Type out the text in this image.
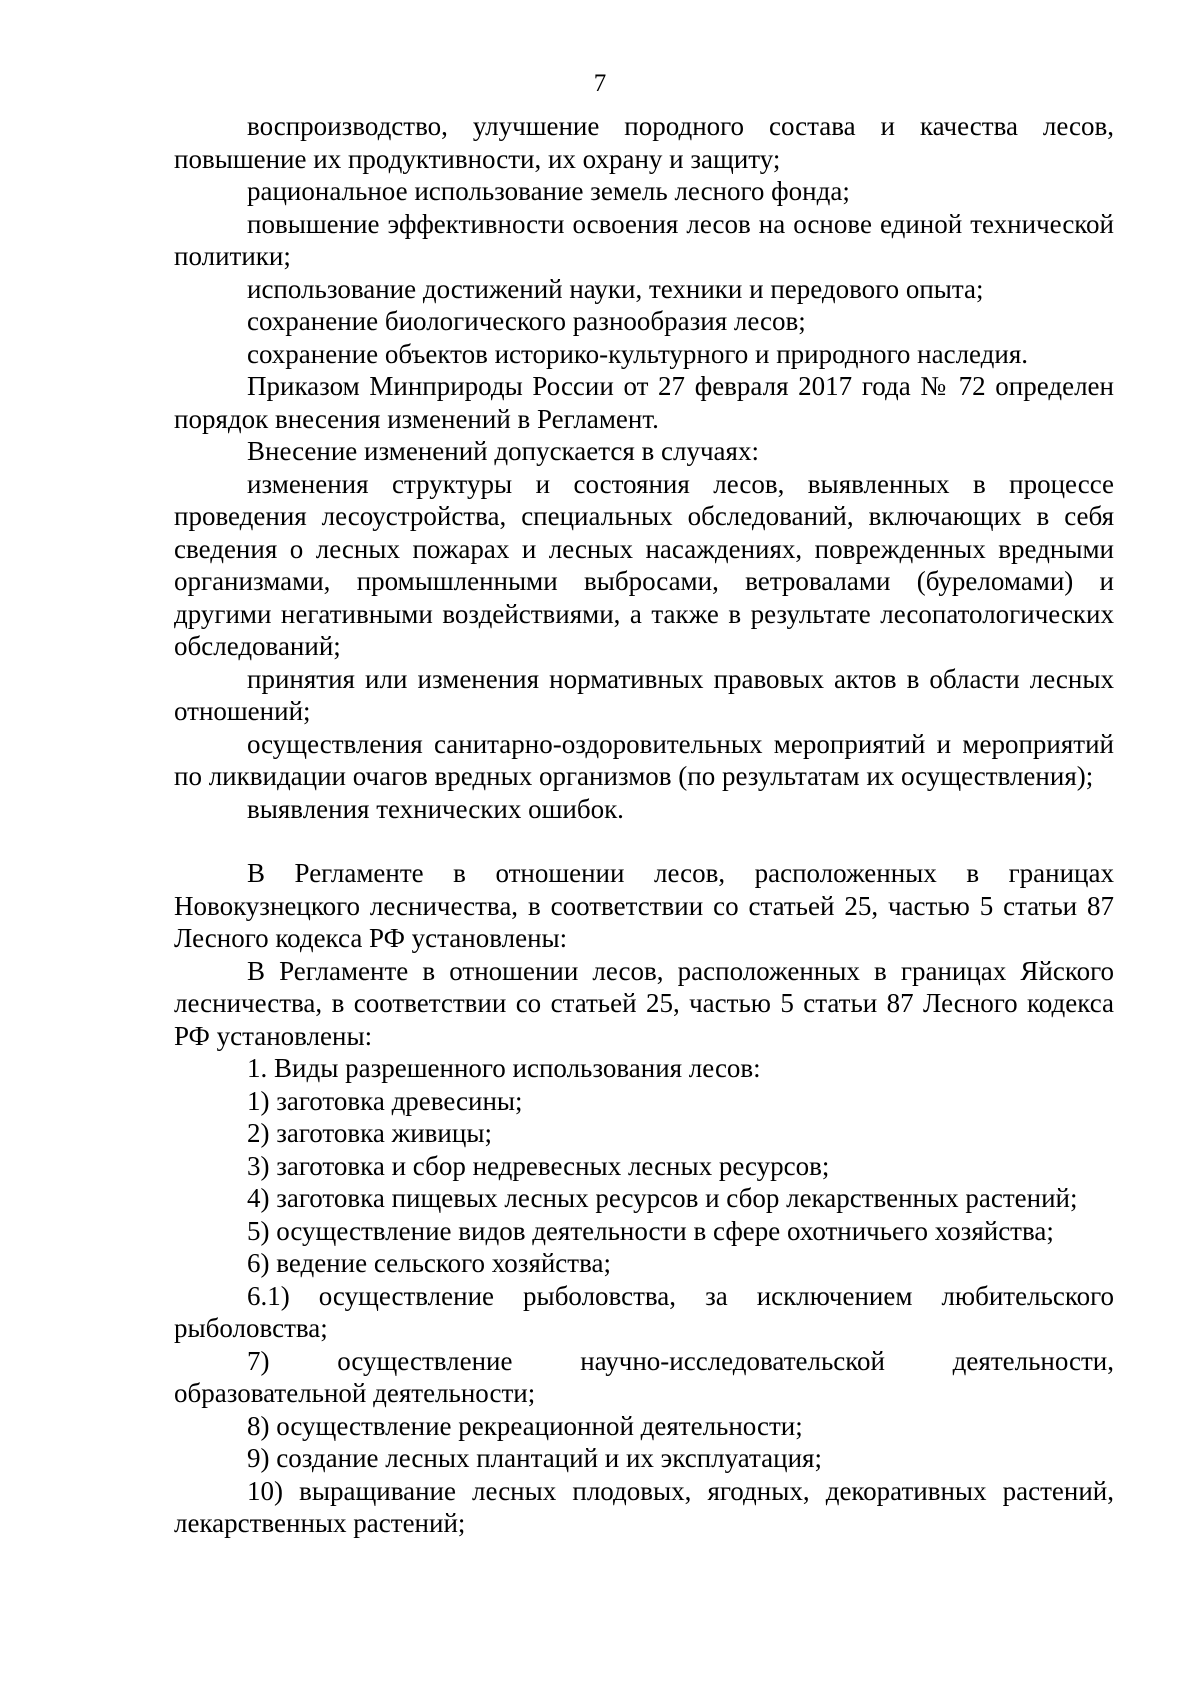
7

воспроизводство, улучшение породного состава и качества лесов, повышение их продуктивности, их охрану и защиту;

рациональное использование земель лесного фонда;

повышение эффективности освоения лесов на основе единой технической политики;

использование достижений науки, техники и передового опыта;

сохранение биологического разнообразия лесов;

сохранение объектов историко-культурного и природного наследия.

Приказом Минприроды России от 27 февраля 2017 года № 72 определен порядок внесения изменений в Регламент.

Внесение изменений допускается в случаях:

изменения структуры и состояния лесов, выявленных в процессе проведения лесоустройства, специальных обследований, включающих в себя сведения о лесных пожарах и лесных насаждениях, поврежденных вредными организмами, промышленными выбросами, ветровалами (буреломами) и другими негативными воздействиями, а также в результате лесопатологических обследований;

принятия или изменения нормативных правовых актов в области лесных отношений;

осуществления санитарно-оздоровительных мероприятий и мероприятий по ликвидации очагов вредных организмов (по результатам их осуществления);

выявления технических ошибок.

В Регламенте в отношении лесов, расположенных в границах Новокузнецкого лесничества, в соответствии со статьей 25, частью 5 статьи 87 Лесного кодекса РФ установлены:

В Регламенте в отношении лесов, расположенных в границах Яйского лесничества, в соответствии со статьей 25, частью 5 статьи 87 Лесного кодекса РФ установлены:

1. Виды разрешенного использования лесов:

1) заготовка древесины;

2) заготовка живицы;

3) заготовка и сбор недревесных лесных ресурсов;

4) заготовка пищевых лесных ресурсов и сбор лекарственных растений;

5) осуществление видов деятельности в сфере охотничьего хозяйства;

6) ведение сельского хозяйства;

6.1) осуществление рыболовства, за исключением любительского рыболовства;

7) осуществление научно-исследовательской деятельности, образовательной деятельности;

8) осуществление рекреационной деятельности;

9) создание лесных плантаций и их эксплуатация;

10) выращивание лесных плодовых, ягодных, декоративных растений, лекарственных растений;
